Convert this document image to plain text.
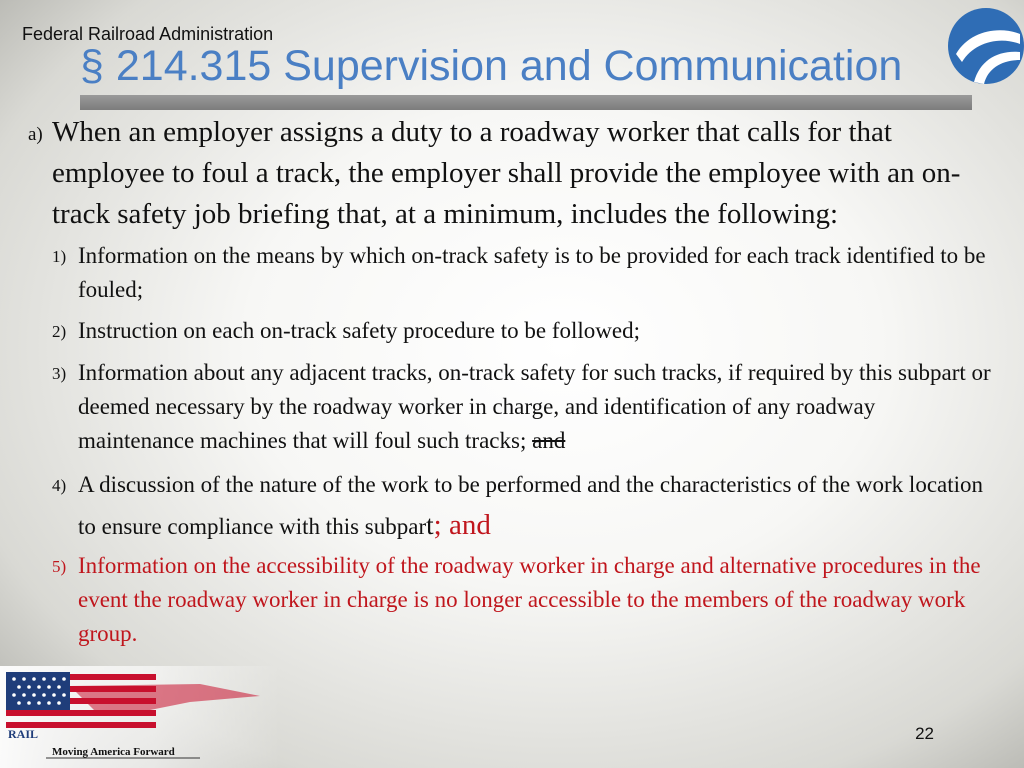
Federal Railroad Administration
§ 214.315 Supervision and Communication
a) When an employer assigns a duty to a roadway worker that calls for that employee to foul a track, the employer shall provide the employee with an on-track safety job briefing that, at a minimum, includes the following:
1) Information on the means by which on-track safety is to be provided for each track identified to be fouled;
2) Instruction on each on-track safety procedure to be followed;
3) Information about any adjacent tracks, on-track safety for such tracks, if required by this subpart or deemed necessary by the roadway worker in charge, and identification of any roadway maintenance machines that will foul such tracks; and
4) A discussion of the nature of the work to be performed and the characteristics of the work location to ensure compliance with this subpart; and
5) Information on the accessibility of the roadway worker in charge and alternative procedures in the event the roadway worker in charge is no longer accessible to the members of the roadway work group.
RAIL
Moving America Forward
22
